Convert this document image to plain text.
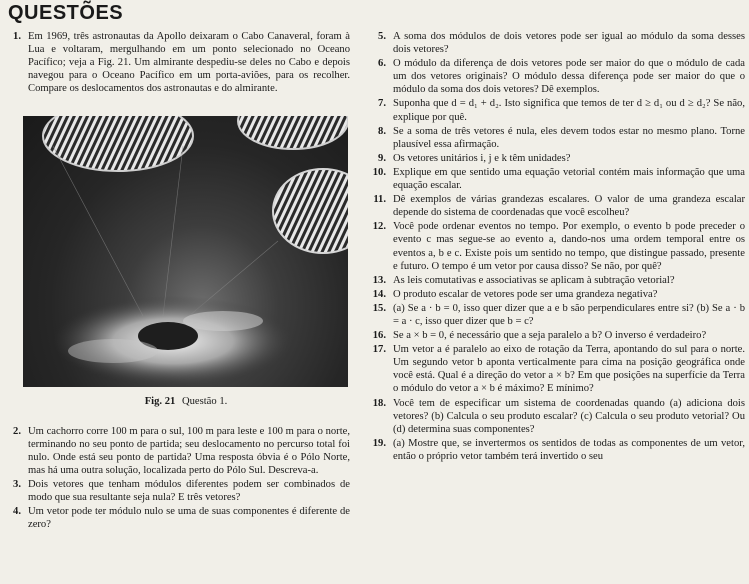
QUESTÕES
1. Em 1969, três astronautas da Apollo deixaram o Cabo Canaveral, foram à Lua e voltaram, mergulhando em um ponto selecionado no Oceano Pacífico; veja a Fig. 21. Um almirante despediu-se deles no Cabo e depois navegou para o Oceano Pacífico em um porta-aviões, para os recolher. Compare os deslocamentos dos astronautas e do almirante.
Fig. 21 Questão 1.
2. Um cachorro corre 100 m para o sul, 100 m para leste e 100 m para o norte, terminando no seu ponto de partida; seu deslocamento no percurso total foi nulo. Onde está seu ponto de partida? Uma resposta óbvia é o Pólo Norte, mas há uma outra solução, localizada perto do Pólo Sul. Descreva-a.
3. Dois vetores que tenham módulos diferentes podem ser combinados de modo que sua resultante seja nula? E três vetores?
4. Um vetor pode ter módulo nulo se uma de suas componentes é diferente de zero?
5. A soma dos módulos de dois vetores pode ser igual ao módulo da soma desses dois vetores?
6. O módulo da diferença de dois vetores pode ser maior do que o módulo de cada um dos vetores originais? O módulo dessa diferença pode ser maior do que o módulo da soma dos dois vetores? Dê exemplos.
7. Suponha que d = d₁ + d₂. Isto significa que temos de ter d ≥ d₁ ou d ≥ d₂? Se não, explique por quê.
8. Se a soma de três vetores é nula, eles devem todos estar no mesmo plano. Torne plausível essa afirmação.
9. Os vetores unitários i, j e k têm unidades?
10. Explique em que sentido uma equação vetorial contém mais informação que uma equação escalar.
11. Dê exemplos de várias grandezas escalares. O valor de uma grandeza escalar depende do sistema de coordenadas que você escolheu?
12. Você pode ordenar eventos no tempo. Por exemplo, o evento b pode preceder o evento c mas segue-se ao evento a, dando-nos uma ordem temporal entre os eventos a, b e c. Existe pois um sentido no tempo, que distingue passado, presente e futuro. O tempo é um vetor por causa disso? Se não, por quê?
13. As leis comutativas e associativas se aplicam à subtração vetorial?
14. O produto escalar de vetores pode ser uma grandeza negativa?
15. (a) Se a · b = 0, isso quer dizer que a e b são perpendiculares entre si? (b) Se a · b = a · c, isso quer dizer que b = c?
16. Se a × b = 0, é necessário que a seja paralelo a b? O inverso é verdadeiro?
17. Um vetor a é paralelo ao eixo de rotação da Terra, apontando do sul para o norte. Um segundo vetor b aponta verticalmente para cima na posição geográfica onde você está. Qual é a direção do vetor a × b? Em que posições na superfície da Terra o módulo do vetor a × b é máximo? E mínimo?
18. Você tem de especificar um sistema de coordenadas quando (a) adiciona dois vetores? (b) Calcula o seu produto escalar? (c) Calcula o seu produto vetorial? Ou (d) determina suas componentes?
19. (a) Mostre que, se invertermos os sentidos de todas as componentes de um vetor, então o próprio vetor também terá invertido o seu
